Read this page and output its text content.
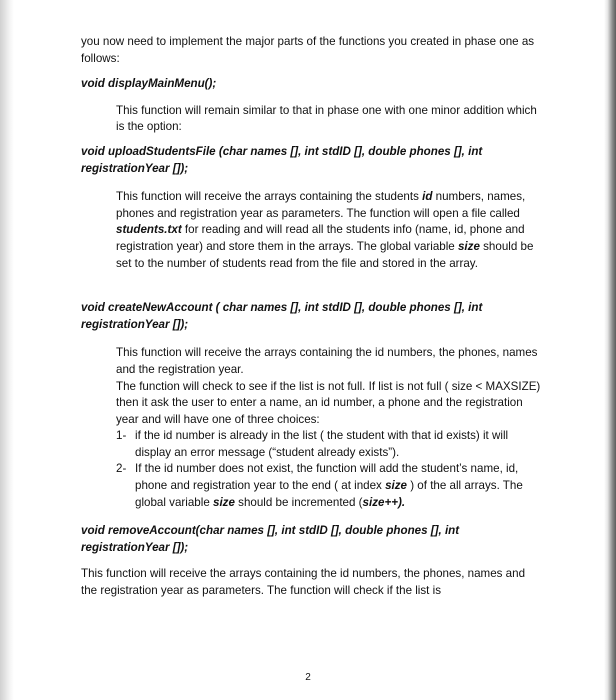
you now need to implement the major parts of the functions you created in phase one as follows:

void displayMainMenu();

This function will remain similar to that in phase one with one minor addition which is the option:

void uploadStudentsFile (char names [], int stdID [], double phones [], int registrationYear []);

This function will receive the arrays containing the students id numbers, names, phones and registration year as parameters. The function will open a file called students.txt for reading and will read all the students info (name, id, phone and registration year) and store them in the arrays. The global variable size should be set to the number of students read from the file and stored in the array.

void createNewAccount ( char names [], int stdID [], double phones [], int registrationYear []);

This function will receive the arrays containing the id numbers, the phones, names and the registration year.

The function will check to see if the list is not full. If list is not full ( size < MAXSIZE) then it ask the user to enter a name, an id number, a phone and the registration year and will have one of three choices:

1- if the id number is already in the list ( the student with that id exists) it will display an error message (“student already exists”).
2- If the id number does not exist, the function will add the student’s name, id, phone and registration year to the end ( at index size ) of the all arrays. The global variable size should be incremented (size++).

void removeAccount(char names [], int stdID [], double phones [], int registrationYear []);

This function will receive the arrays containing the id numbers, the phones, names and the registration year as parameters. The function will check if the list is

2
